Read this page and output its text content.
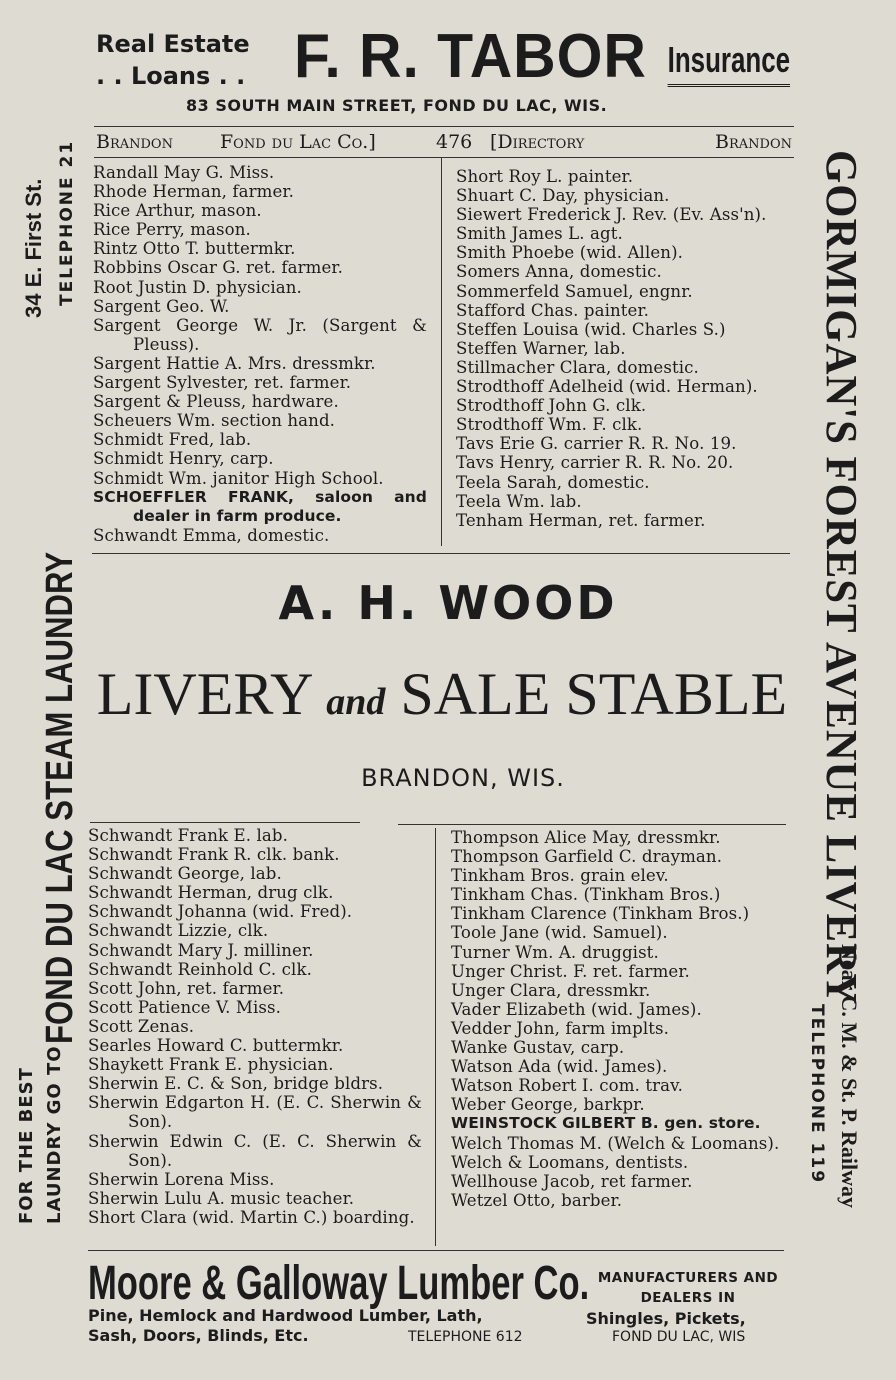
Real Estate
. . Loans . . F. R. TABOR Insurance
83 SOUTH MAIN STREET, FOND DU LAC, WIS.
Brandon Fond du Lac Co.]	476 [Directory	Brandon
Randall May G. Miss.
Rhode Herman, farmer.
Rice Arthur, mason.
Rice Perry, mason.
Rintz Otto T. buttermkr.
Robbins Oscar G. ret. farmer.
Root Justin D. physician.
Sargent Geo. W.
Sargent George W. Jr. (Sargent & Pleuss).
Sargent Hattie A. Mrs. dressmkr.
Sargent Sylvester, ret. farmer.
Sargent & Pleuss, hardware.
Scheuers Wm. section hand.
Schmidt Fred, lab.
Schmidt Henry, carp.
Schmidt Wm. janitor High School.
SCHOEFFLER FRANK, saloon and dealer in farm produce.
Schwandt Emma, domestic.
Short Roy L. painter.
Shuart C. Day, physician.
Siewert Frederick J. Rev. (Ev. Ass'n).
Smith James L. agt.
Smith Phoebe (wid. Allen).
Somers Anna, domestic.
Sommerfeld Samuel, engnr.
Stafford Chas. painter.
Steffen Louisa (wid. Charles S.)
Steffen Warner, lab.
Stillmacher Clara, domestic.
Strodthoff Adelheid (wid. Herman).
Strodthoff John G. clk.
Strodthoff Wm. F. clk.
Tavs Erie G. carrier R. R. No. 19.
Tavs Henry, carrier R. R. No. 20.
Teela Sarah, domestic.
Teela Wm. lab.
Tenham Herman, ret. farmer.
A. H. WOOD
LIVERY and SALE STABLE
BRANDON, WIS.
Schwandt Frank E. lab.
Schwandt Frank R. clk. bank.
Schwandt George, lab.
Schwandt Herman, drug clk.
Schwandt Johanna (wid. Fred).
Schwandt Lizzie, clk.
Schwandt Mary J. milliner.
Schwandt Reinhold C. clk.
Scott John, ret. farmer.
Scott Patience V. Miss.
Scott Zenas.
Searles Howard C. buttermkr.
Shaykett Frank E. physician.
Sherwin E. C. & Son, bridge bldrs.
Sherwin Edgarton H. (E. C. Sherwin & Son).
Sherwin Edwin C. (E. C. Sherwin & Son).
Sherwin Lorena Miss.
Sherwin Lulu A. music teacher.
Short Clara (wid. Martin C.) boarding.
Thompson Alice May, dressmkr.
Thompson Garfield C. drayman.
Tinkham Bros. grain elev.
Tinkham Chas. (Tinkham Bros.)
Tinkham Clarence (Tinkham Bros.)
Toole Jane (wid. Samuel).
Turner Wm. A. druggist.
Unger Christ. F. ret. farmer.
Unger Clara, dressmkr.
Vader Elizabeth (wid. James).
Vedder John, farm implts.
Wanke Gustav, carp.
Watson Ada (wid. James).
Watson Robert I. com. trav.
Weber George, barkpr.
WEINSTOCK GILBERT B. gen. store.
Welch Thomas M. (Welch & Loomans).
Welch & Loomans, dentists.
Wellhouse Jacob, ret farmer.
Wetzel Otto, barber.
Moore & Galloway Lumber Co. MANUFACTURERS AND
DEALERS IN
Pine, Hemlock and Hardwood Lumber, Lath,	Shingles, Pickets,
Sash, Doors, Blinds, Etc.	TELEPHONE 612	FOND DU LAC, WIS
FOR THE BEST LAUNDRY GO TO
FOND DU LAC STEAM LAUNDRY
34 E. First St. TELEPHONE 21	GORMIGAN'S FOREST AVENUE LIVERY
Near C. M. & St. P. Railway
TELEPHONE 119
